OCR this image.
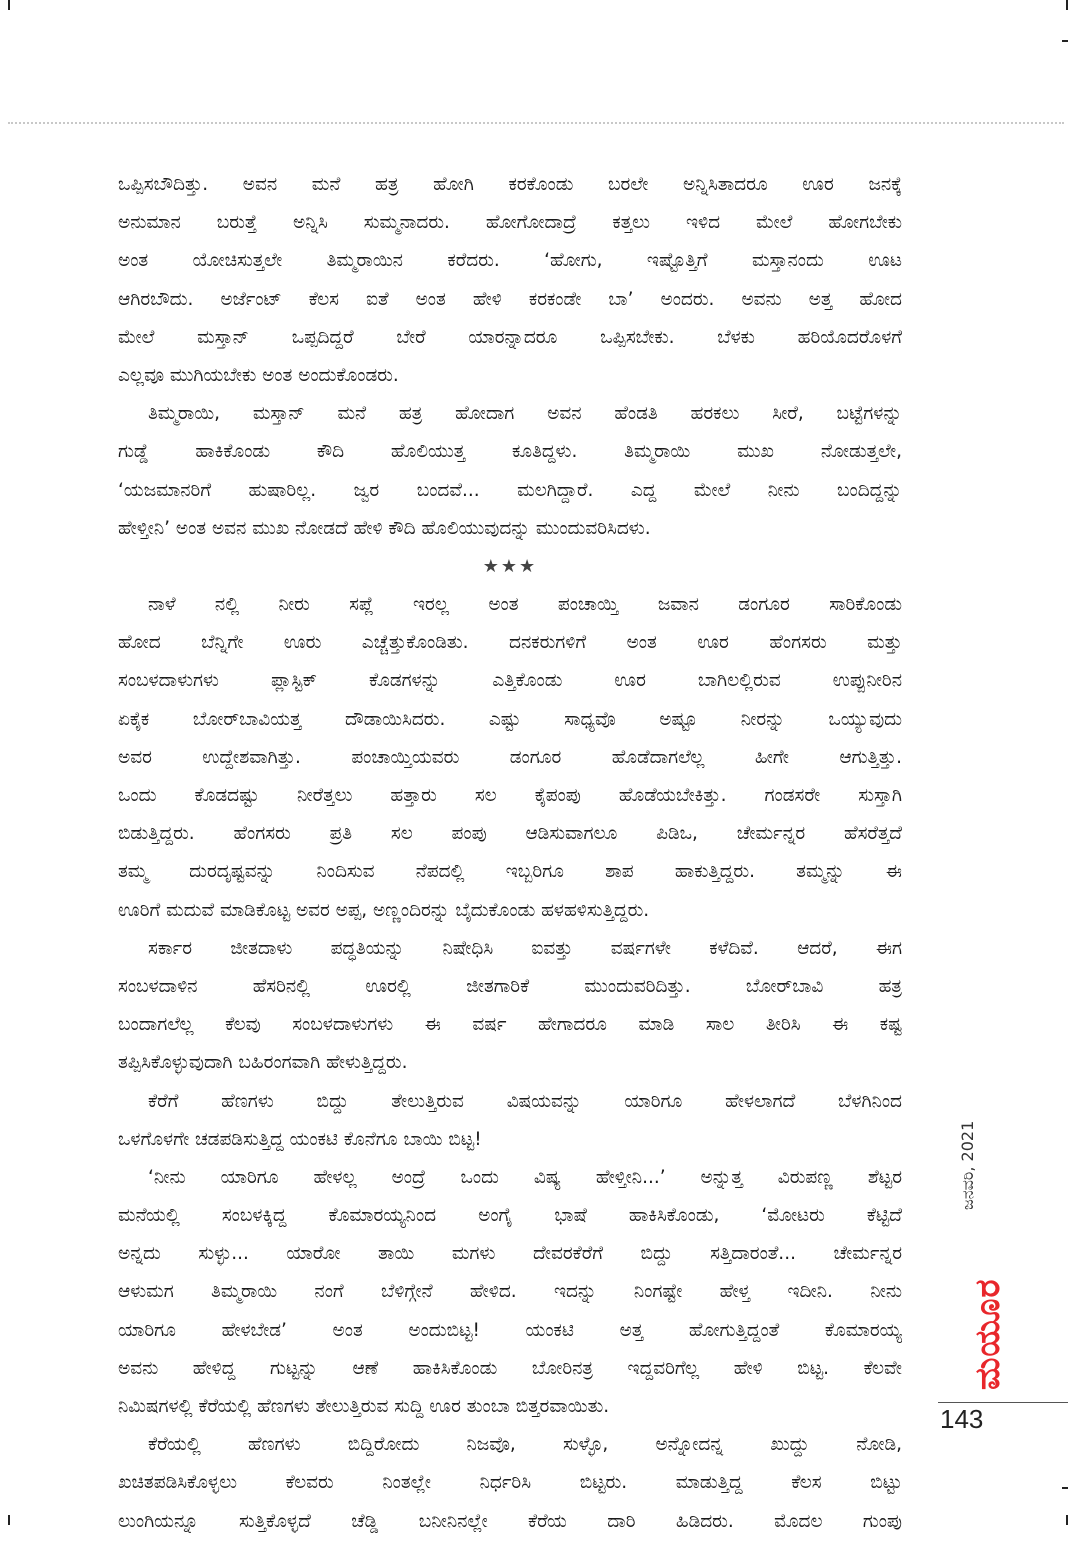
ಒಪ್ಪಿಸಬೌದಿತ್ತು. ಅವನ ಮನೆ ಹತ್ರ ಹೋಗಿ ಕರಕೊಂಡು ಬರಲೇ ಅನ್ನಿಸಿತಾದರೂ ಊರ ಜನಕ್ಕೆ
ಅನುಮಾನ ಬರುತ್ತೆ ಅನ್ನಿಸಿ ಸುಮ್ಮನಾದರು. ಹೋಗೋದಾದ್ರೆ ಕತ್ತಲು ಇಳಿದ ಮೇಲೆ ಹೋಗಬೇಕು
ಅಂತ ಯೋಚಿಸುತ್ತಲೇ ತಿಮ್ಮರಾಯಿನ ಕರೆದರು. ‘ಹೋಗು, ಇಷ್ಟೊತ್ತಿಗೆ ಮಸ್ತಾನಂದು ಊಟ
ಆಗಿರಬೌದು. ಅರ್ಜೆಂಟ್ ಕೆಲಸ ಐತೆ ಅಂತ ಹೇಳಿ ಕರಕಂಡೇ ಬಾ’ ಅಂದರು. ಅವನು ಅತ್ತ ಹೋದ
ಮೇಲೆ ಮಸ್ತಾನ್ ಒಪ್ಪದಿದ್ದರೆ ಬೇರೆ ಯಾರನ್ನಾದರೂ ಒಪ್ಪಿಸಬೇಕು. ಬೆಳಕು ಹರಿಯೊದರೊಳಗೆ
ಎಲ್ಲವೂ ಮುಗಿಯಬೇಕು ಅಂತ ಅಂದುಕೊಂಡರು.
ತಿಮ್ಮರಾಯಿ, ಮಸ್ತಾನ್ ಮನೆ ಹತ್ರ ಹೋದಾಗ ಅವನ ಹೆಂಡತಿ ಹರಕಲು ಸೀರೆ, ಬಟ್ಟೆಗಳನ್ನು
ಗುಡ್ಡೆ ಹಾಕಿಕೊಂಡು ಕೌದಿ ಹೊಲಿಯುತ್ತ ಕೂತಿದ್ದಳು. ತಿಮ್ಮರಾಯಿ ಮುಖ ನೋಡುತ್ತಲೇ,
‘ಯಜಮಾನರಿಗೆ ಹುಷಾರಿಲ್ಲ. ಜ್ವರ ಬಂದವೆ... ಮಲಗಿದ್ದಾರೆ. ಎದ್ದ ಮೇಲೆ ನೀನು ಬಂದಿದ್ದನ್ನು
ಹೇಳ್ತೀನಿ’ ಅಂತ ಅವನ ಮುಖ ನೋಡದೆ ಹೇಳಿ ಕೌದಿ ಹೊಲಿಯುವುದನ್ನು ಮುಂದುವರಿಸಿದಳು.
★★★
ನಾಳೆ ನಲ್ಲಿ ನೀರು ಸಪ್ಲೆ ಇರಲ್ಲ ಅಂತ ಪಂಚಾಯ್ತಿ ಜವಾನ ಡಂಗೂರ ಸಾರಿಕೊಂಡು
ಹೋದ ಬೆನ್ನಿಗೇ ಊರು ಎಚ್ಚೆತ್ತುಕೊಂಡಿತು. ದನಕರುಗಳಿಗೆ ಅಂತ ಊರ ಹೆಂಗಸರು ಮತ್ತು
ಸಂಬಳದಾಳುಗಳು ಪ್ಲಾಸ್ಟಿಕ್ ಕೊಡಗಳನ್ನು ಎತ್ತಿಕೊಂಡು ಊರ ಬಾಗಿಲಲ್ಲಿರುವ ಉಪ್ಪುನೀರಿನ
ಏಕೈಕ ಬೋರ್‌ಬಾವಿಯತ್ತ ದೌಡಾಯಿಸಿದರು. ಎಷ್ಟು ಸಾಧ್ಯವೊ ಅಷ್ಟೂ ನೀರನ್ನು ಒಯ್ಯುವುದು
ಅವರ ಉದ್ದೇಶವಾಗಿತ್ತು. ಪಂಚಾಯ್ತಿಯವರು ಡಂಗೂರ ಹೊಡೆದಾಗಲೆಲ್ಲ ಹೀಗೇ ಆಗುತ್ತಿತ್ತು.
ಒಂದು ಕೊಡದಷ್ಟು ನೀರೆತ್ತಲು ಹತ್ತಾರು ಸಲ ಕೈಪಂಪು ಹೊಡೆಯಬೇಕಿತ್ತು. ಗಂಡಸರೇ ಸುಸ್ತಾಗಿ
ಬಿಡುತ್ತಿದ್ದರು. ಹೆಂಗಸರು ಪ್ರತಿ ಸಲ ಪಂಪು ಆಡಿಸುವಾಗಲೂ ಪಿಡಿಒ, ಚೇರ್ಮನ್ನರ ಹೆಸರೆತ್ತದೆ
ತಮ್ಮ ದುರದೃಷ್ಟವನ್ನು ನಿಂದಿಸುವ ನೆಪದಲ್ಲಿ ಇಬ್ಬರಿಗೂ ಶಾಪ ಹಾಕುತ್ತಿದ್ದರು. ತಮ್ಮನ್ನು ಈ
ಊರಿಗೆ ಮದುವೆ ಮಾಡಿಕೊಟ್ಟ ಅವರ ಅಪ್ಪ, ಅಣ್ಣಂದಿರನ್ನು ಬೈದುಕೊಂಡು ಹಳಹಳಿಸುತ್ತಿದ್ದರು.
ಸರ್ಕಾರ ಜೀತದಾಳು ಪದ್ಧತಿಯನ್ನು ನಿಷೇಧಿಸಿ ಐವತ್ತು ವರ್ಷಗಳೇ ಕಳೆದಿವೆ. ಆದರೆ, ಈಗ
ಸಂಬಳದಾಳಿನ ಹೆಸರಿನಲ್ಲಿ ಊರಲ್ಲಿ ಜೀತಗಾರಿಕೆ ಮುಂದುವರಿದಿತ್ತು. ಬೋರ್‌ಬಾವಿ ಹತ್ರ
ಬಂದಾಗಲೆಲ್ಲ ಕೆಲವು ಸಂಬಳದಾಳುಗಳು ಈ ವರ್ಷ ಹೇಗಾದರೂ ಮಾಡಿ ಸಾಲ ತೀರಿಸಿ ಈ ಕಷ್ಟ
ತಪ್ಪಿಸಿಕೊಳ್ಳುವುದಾಗಿ ಬಹಿರಂಗವಾಗಿ ಹೇಳುತ್ತಿದ್ದರು.
ಕೆರೆಗೆ ಹೆಣಗಳು ಬಿದ್ದು ತೇಲುತ್ತಿರುವ ವಿಷಯವನ್ನು ಯಾರಿಗೂ ಹೇಳಲಾಗದೆ ಬೆಳಗಿನಿಂದ
ಒಳಗೊಳಗೇ ಚಡಪಡಿಸುತ್ತಿದ್ದ ಯಂಕಟಿ ಕೊನೆಗೂ ಬಾಯಿ ಬಿಟ್ಟ!
‘ನೀನು ಯಾರಿಗೂ ಹೇಳಲ್ಲ ಅಂದ್ರೆ ಒಂದು ವಿಷ್ಯ ಹೇಳ್ತೀನಿ...’ ಅನ್ನುತ್ತ ವಿರುಪಣ್ಣ ಶೆಟ್ಟರ
ಮನೆಯಲ್ಲಿ ಸಂಬಳಕ್ಕಿದ್ದ ಕೊಮಾರಯ್ಯನಿಂದ ಅಂಗೈ ಭಾಷೆ ಹಾಕಿಸಿಕೊಂಡು, ‘ಮೋಟರು ಕೆಟ್ಟಿದೆ
ಅನ್ನದು ಸುಳ್ಳು... ಯಾರೋ ತಾಯಿ ಮಗಳು ದೇವರಕೆರೆಗೆ ಬಿದ್ದು ಸತ್ತಿದಾರಂತೆ... ಚೇರ್ಮನ್ನರ
ಆಳುಮಗ ತಿಮ್ಮರಾಯಿ ನಂಗೆ ಬೆಳಿಗ್ಗೇನೆ ಹೇಳಿದ. ಇದನ್ನು ನಿಂಗಷ್ಟೇ ಹೇಳ್ತ ಇದೀನಿ. ನೀನು
ಯಾರಿಗೂ ಹೇಳಬೇಡ’ ಅಂತ ಅಂದುಬಿಟ್ಟ! ಯಂಕಟಿ ಅತ್ತ ಹೋಗುತ್ತಿದ್ದಂತೆ ಕೊಮಾರಯ್ಯ
ಅವನು ಹೇಳಿದ್ದ ಗುಟ್ಟನ್ನು ಆಣೆ ಹಾಕಿಸಿಕೊಂಡು ಬೋರಿನತ್ರ ಇದ್ದವರಿಗೆಲ್ಲ ಹೇಳಿ ಬಿಟ್ಟ. ಕೆಲವೇ
ನಿಮಿಷಗಳಲ್ಲಿ ಕೆರೆಯಲ್ಲಿ ಹೆಣಗಳು ತೇಲುತ್ತಿರುವ ಸುದ್ದಿ ಊರ ತುಂಬಾ ಬಿತ್ತರವಾಯಿತು.
ಕೆರೆಯಲ್ಲಿ ಹೆಣಗಳು ಬಿದ್ದಿರೋದು ನಿಜವೊ, ಸುಳ್ಳೊ, ಅನ್ನೋದನ್ನ ಖುದ್ದು ನೋಡಿ,
ಖಚಿತಪಡಿಸಿಕೊಳ್ಳಲು ಕೆಲವರು ನಿಂತಲ್ಲೇ ನಿರ್ಧರಿಸಿ ಬಿಟ್ಟರು. ಮಾಡುತ್ತಿದ್ದ ಕೆಲಸ ಬಿಟ್ಟು
ಲುಂಗಿಯನ್ನೂ ಸುತ್ತಿಕೊಳ್ಳದೆ ಚೆಡ್ಡಿ ಬನೀನಿನಲ್ಲೇ ಕೆರೆಯ ದಾರಿ ಹಿಡಿದರು. ಮೊದಲ ಗುಂಪು
ಜನವರಿ, 2021
ಮಯೂರ
143
